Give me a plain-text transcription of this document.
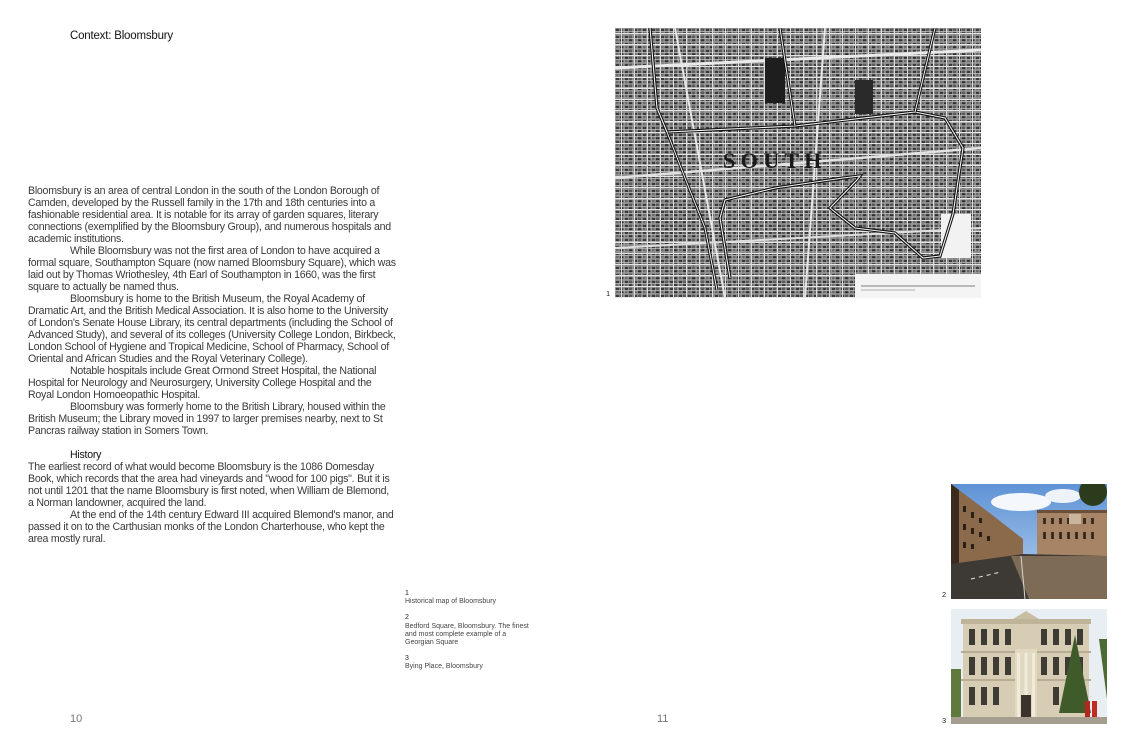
Context: Bloomsbury

Bloomsbury is an area of central London in the south of the London Borough of Camden, developed by the Russell family in the 17th and 18th centuries into a fashionable residential area. It is notable for its array of garden squares, literary connections (exemplified by the Bloomsbury Group), and numerous hospitals and academic institutions.

While Bloomsbury was not the first area of London to have acquired a formal square, Southampton Square (now named Bloomsbury Square), which was laid out by Thomas Wriothesley, 4th Earl of Southampton in 1660, was the first square to actually be named thus.

Bloomsbury is home to the British Museum, the Royal Academy of Dramatic Art, and the British Medical Association. It is also home to the University of London's Senate House Library, its central departments (including the School of Advanced Study), and several of its colleges (University College London, Birkbeck, London School of Hygiene and Tropical Medicine, School of Pharmacy, School of Oriental and African Studies and the Royal Veterinary College).

Notable hospitals include Great Ormond Street Hospital, the National Hospital for Neurology and Neurosurgery, University College Hospital and the Royal London Homoeopathic Hospital.

Bloomsbury was formerly home to the British Library, housed within the British Museum; the Library moved in 1997 to larger premises nearby, next to St Pancras railway station in Somers Town.

History

The earliest record of what would become Bloomsbury is the 1086 Domesday Book, which records that the area had vineyards and "wood for 100 pigs". But it is not until 1201 that the name Bloomsbury is first noted, when William de Blemond, a Norman landowner, acquired the land.

At the end of the 14th century Edward III acquired Blemond's manor, and passed it on to the Carthusian monks of the London Charterhouse, who kept the area mostly rural.

1
Historical map of Bloomsbury
2
Bedford Square, Bloomsbury. The finest and most complete example of a Georgian Square
3
Bying Place, Bloomsbury
S O U T H
1
2
3
10	11
